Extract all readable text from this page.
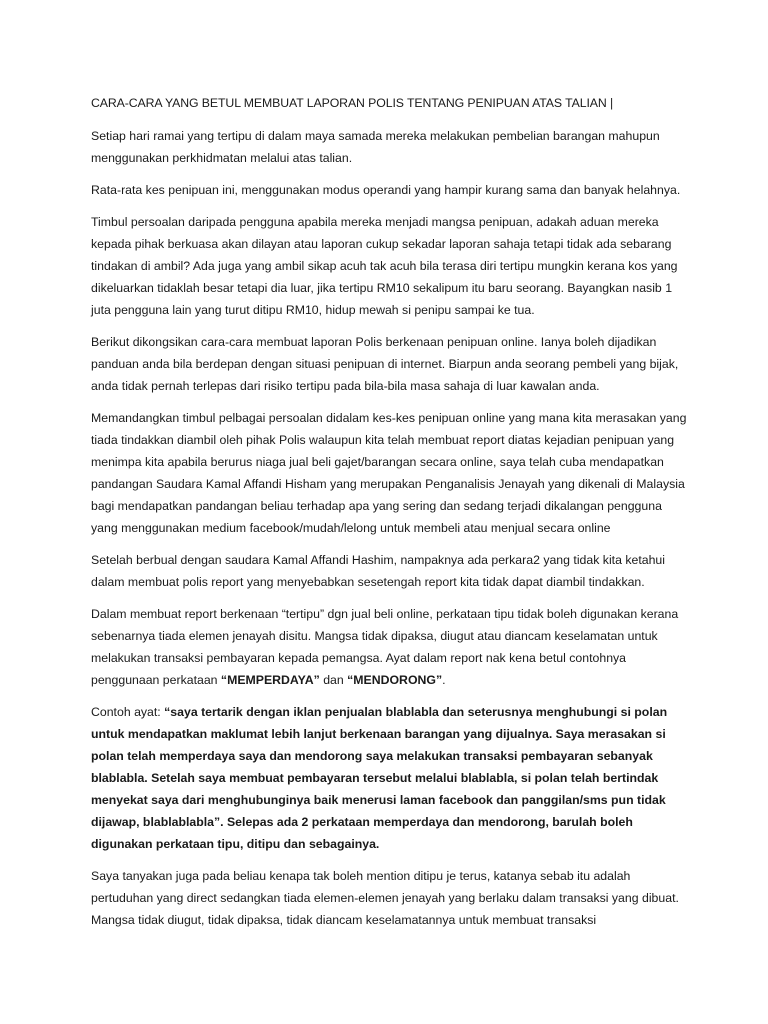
CARA-CARA YANG BETUL MEMBUAT LAPORAN POLIS TENTANG PENIPUAN ATAS TALIAN |

Setiap hari ramai yang tertipu di dalam maya samada mereka melakukan pembelian barangan mahupun menggunakan perkhidmatan melalui atas talian.

Rata-rata kes penipuan ini, menggunakan modus operandi yang hampir kurang sama dan banyak helahnya.

Timbul persoalan daripada pengguna apabila mereka menjadi mangsa penipuan, adakah aduan mereka kepada pihak berkuasa akan dilayan atau laporan cukup sekadar laporan sahaja tetapi tidak ada sebarang tindakan di ambil? Ada juga yang ambil sikap acuh tak acuh bila terasa diri tertipu mungkin kerana kos yang dikeluarkan tidaklah besar tetapi dia luar, jika tertipu RM10 sekalipum itu baru seorang. Bayangkan nasib 1 juta pengguna lain yang turut ditipu RM10, hidup mewah si penipu sampai ke tua.

Berikut dikongsikan cara-cara membuat laporan Polis berkenaan penipuan online. Ianya boleh dijadikan panduan anda bila berdepan dengan situasi penipuan di internet. Biarpun anda seorang pembeli yang bijak, anda tidak pernah terlepas dari risiko tertipu pada bila-bila masa sahaja di luar kawalan anda.

Memandangkan timbul pelbagai persoalan didalam kes-kes penipuan online yang mana kita merasakan yang tiada tindakkan diambil oleh pihak Polis walaupun kita telah membuat report diatas kejadian penipuan yang menimpa kita apabila berurus niaga jual beli gajet/barangan secara online, saya telah cuba mendapatkan pandangan Saudara Kamal Affandi Hisham yang merupakan Penganalisis Jenayah yang dikenali di Malaysia bagi mendapatkan pandangan beliau terhadap apa yang sering dan sedang terjadi dikalangan pengguna yang menggunakan medium facebook/mudah/lelong untuk membeli atau menjual secara online

Setelah berbual dengan saudara Kamal Affandi Hashim, nampaknya ada perkara2 yang tidak kita ketahui dalam membuat polis report yang menyebabkan sesetengah report kita tidak dapat diambil tindakkan.

Dalam membuat report berkenaan “tertipu” dgn jual beli online, perkataan tipu tidak boleh digunakan kerana sebenarnya tiada elemen jenayah disitu. Mangsa tidak dipaksa, diugut atau diancam keselamatan untuk melakukan transaksi pembayaran kepada pemangsa. Ayat dalam report nak kena betul contohnya penggunaan perkataan “MEMPERDAYA” dan “MENDORONG”.

Contoh ayat: “saya tertarik dengan iklan penjualan blablabla dan seterusnya menghubungi si polan untuk mendapatkan maklumat lebih lanjut berkenaan barangan yang dijualnya. Saya merasakan si polan telah memperdaya saya dan mendorong saya melakukan transaksi pembayaran sebanyak blablabla. Setelah saya membuat pembayaran tersebut melalui blablabla, si polan telah bertindak menyekat saya dari menghubunginya baik menerusi laman facebook dan panggilan/sms pun tidak dijawap, blablablabla”. Selepas ada 2 perkataan memperdaya dan mendorong, barulah boleh digunakan perkataan tipu, ditipu dan sebagainya.

Saya tanyakan juga pada beliau kenapa tak boleh mention ditipu je terus, katanya sebab itu adalah pertuduhan yang direct sedangkan tiada elemen-elemen jenayah yang berlaku dalam transaksi yang dibuat. Mangsa tidak diugut, tidak dipaksa, tidak diancam keselamatannya untuk membuat transaksi
